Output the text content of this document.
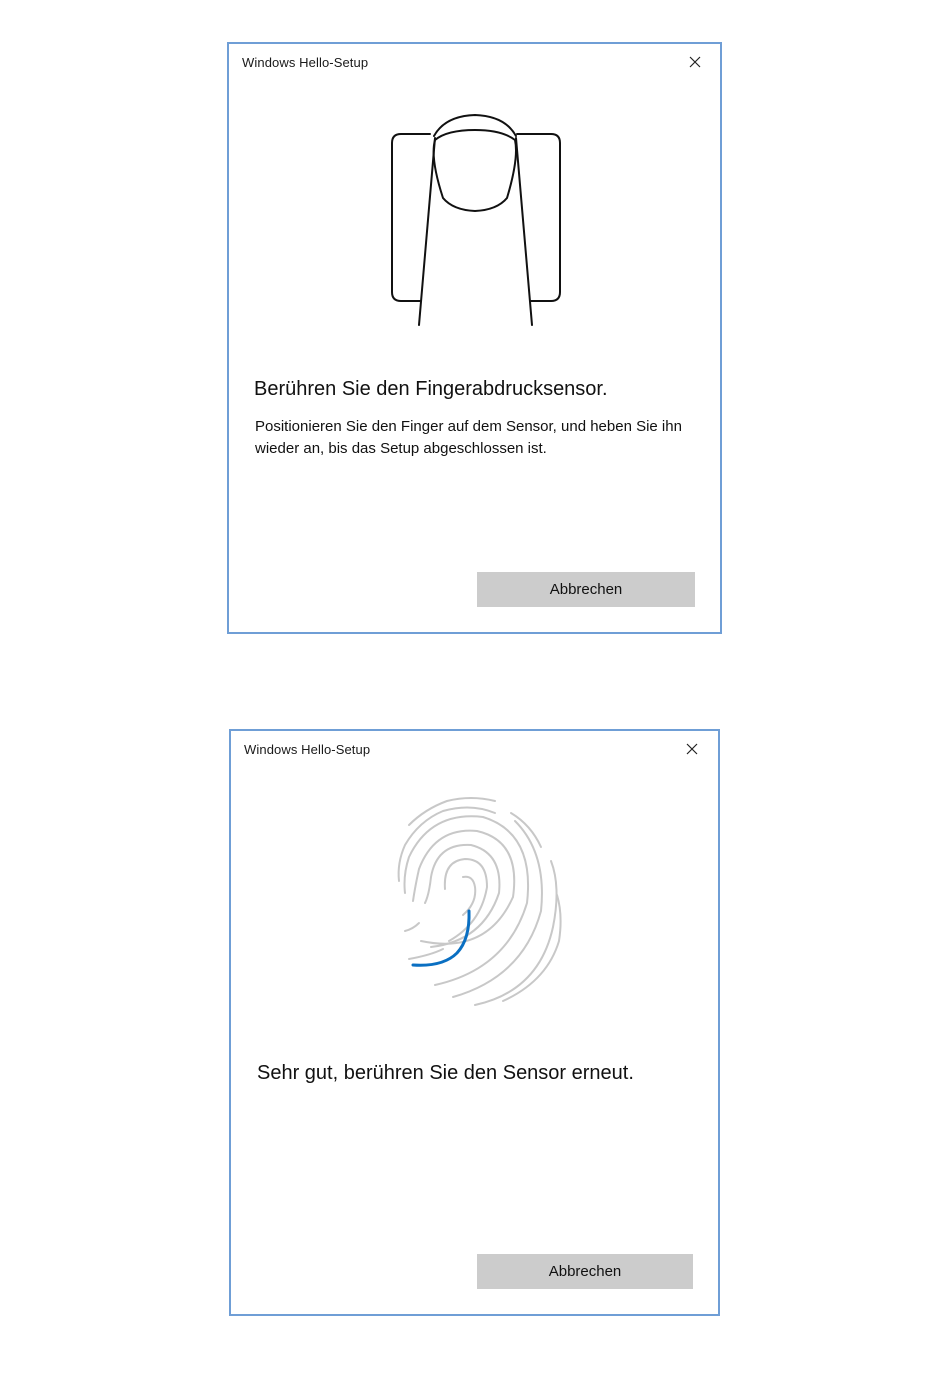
Windows Hello-Setup
Berühren Sie den Fingerabdrucksensor.
Positionieren Sie den Finger auf dem Sensor, und heben Sie ihn wieder an, bis das Setup abgeschlossen ist.
Abbrechen
Windows Hello-Setup
Sehr gut, berühren Sie den Sensor erneut.
Abbrechen
